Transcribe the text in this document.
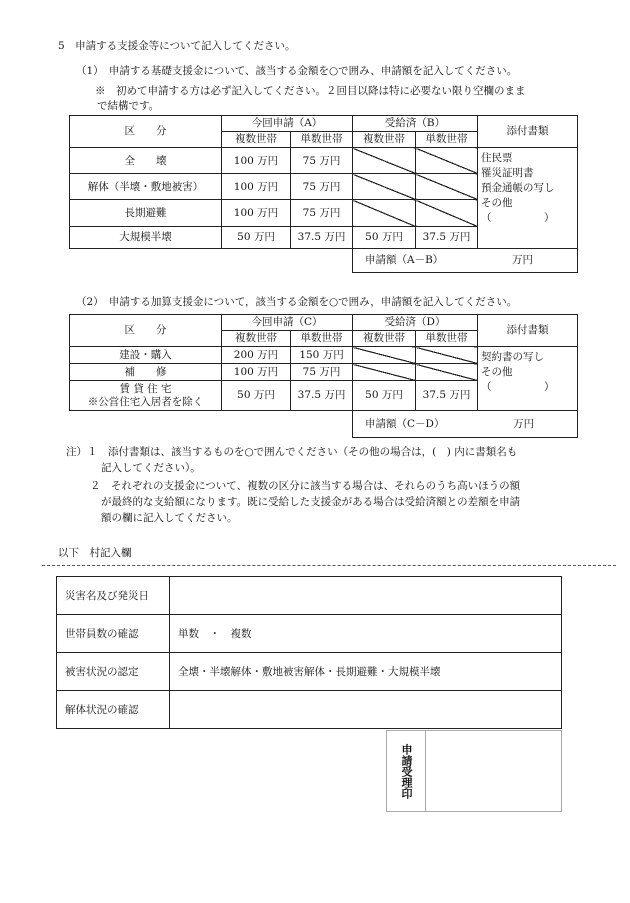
5　申請する支援金等について記入してください。
（1）　申請する基礎支援金について、該当する金額を○で囲み、申請額を記入してください。
※　初めて申請する方は必ず記入してください。２回目以降は特に必要ない限り空欄のまま
で結構です。
区　　分	今回申請（A）		受給済（B）		添付書類
	複数世帯	単数世帯	複数世帯	単数世帯	
全　　壊	100 万円	75 万円			住民票
罹災証明書
預金通帳の写し
その他
（　　　　　）

解体（半壊・敷地被害）	100 万円	75 万円			
長期避難	100 万円	75 万円			
大規模半壊	50 万円	37.5 万円	50 万円	37.5 万円	
			申請額（A－B） 万円		
（2）　申請する加算支援金について，該当する金額を○で囲み，申請額を記入してください。
区　　分	今回申請（C）		受給済（D）		添付書類
	複数世帯	単数世帯	複数世帯	単数世帯	
建設・購入	200 万円	150 万円			契約書の写し
その他
（　　　　　）

補　　修	100 万円	75 万円			

賃 貸 住 宅
※公営住宅入居者を除く	50 万円	37.5 万円	50 万円	37.5 万円	
			申請額（C－D） 万円		
注）１　添付書類は、該当するものを○で囲んでください（その他の場合は，(　) 内に書類名も
記入してください）。
２　それぞれの支援金について、複数の区分に該当する場合は、それらのうち高いほうの額
が最終的な支給額になります。既に受給した支援金がある場合は受給済額との差額を申請
額の欄に記入してください。
以下　村記入欄
災害名及び発災日	
世帯員数の確認	単数　・　複数
被害状況の認定	全壊・半壊解体・敷地被害解体・長期避難・大規模半壊
解体状況の確認	
申請受理印
